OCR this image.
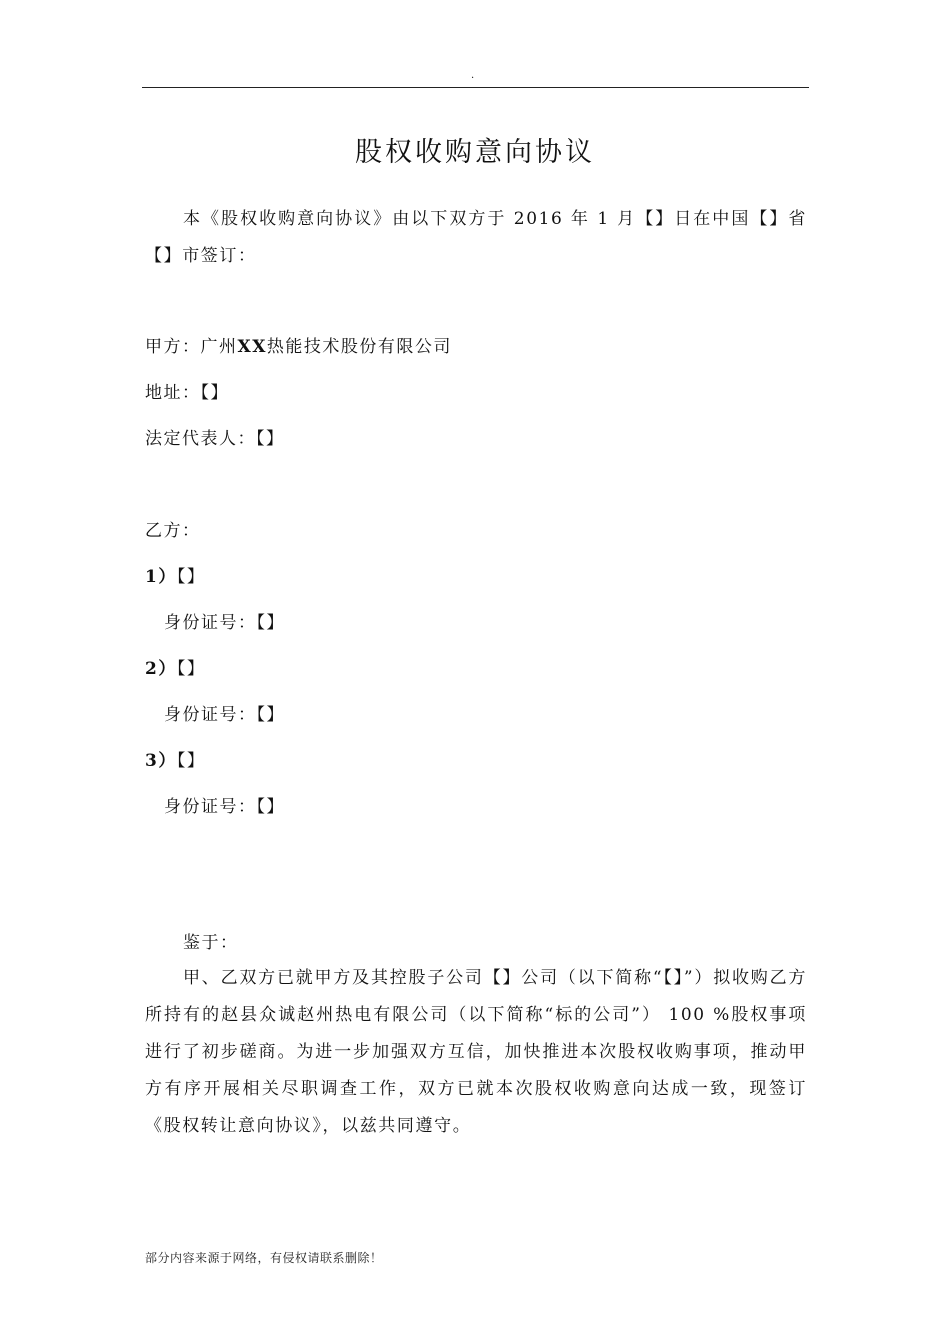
.
股权收购意向协议

本《股权收购意向协议》由以下双方于 2016 年 1 月【】日在中国【】省【】市签订：

甲方：广州XX热能技术股份有限公司
地址：【】
法定代表人：【】
乙方：
1）【】
身份证号：【】
2）【】
身份证号：【】
3）【】
身份证号：【】
鉴于：

甲、乙双方已就甲方及其控股子公司【】公司（以下简称“【】”）拟收购乙方所持有的赵县众诚赵州热电有限公司（以下简称“标的公司”） 100 %股权事项进行了初步磋商。为进一步加强双方互信，加快推进本次股权收购事项，推动甲方有序开展相关尽职调查工作，双方已就本次股权收购意向达成一致，现签订《股权转让意向协议》，以兹共同遵守。

部分内容来源于网络，有侵权请联系删除！
